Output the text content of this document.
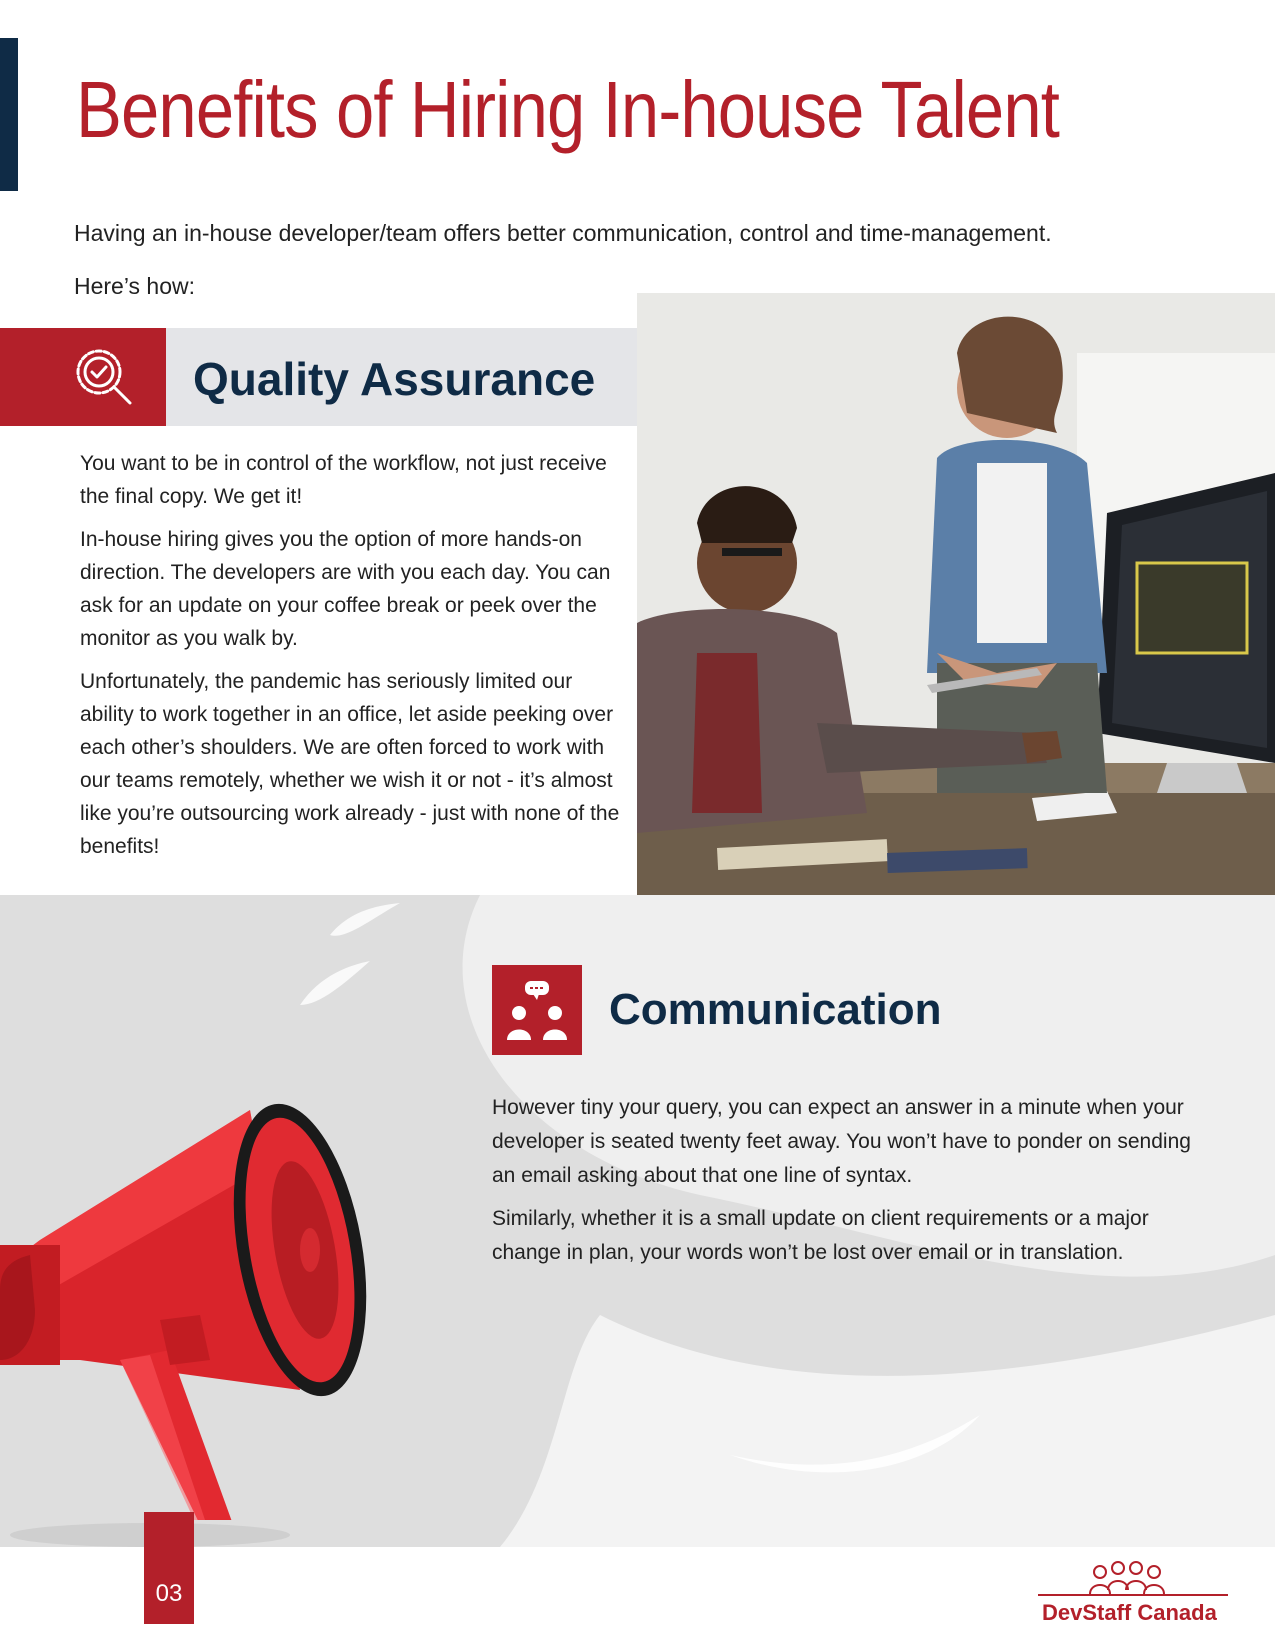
Benefits of Hiring In-house Talent

Having an in-house developer/team offers better communication, control and time-management.

Here’s how:

Quality Assurance

You want to be in control of the workflow, not just receive the final copy. We get it!

In-house hiring gives you the option of more hands-on direction. The developers are with you each day. You can ask for an update on your coffee break or peek over the monitor as you walk by.

Unfortunately, the pandemic has seriously limited our ability to work together in an office, let aside peeking over each other’s shoulders. We are often forced to work with our teams remotely, whether we wish it or not - it’s almost like you’re outsourcing work already - just with none of the benefits!

Communication

However tiny your query, you can expect an answer in a minute when your developer is seated twenty feet away. You won’t have to ponder on sending an email asking about that one line of syntax.

Similarly, whether it is a small update on client requirements or a major change in plan, your words won’t be lost over email or in translation.

03

DevStaff Canada
